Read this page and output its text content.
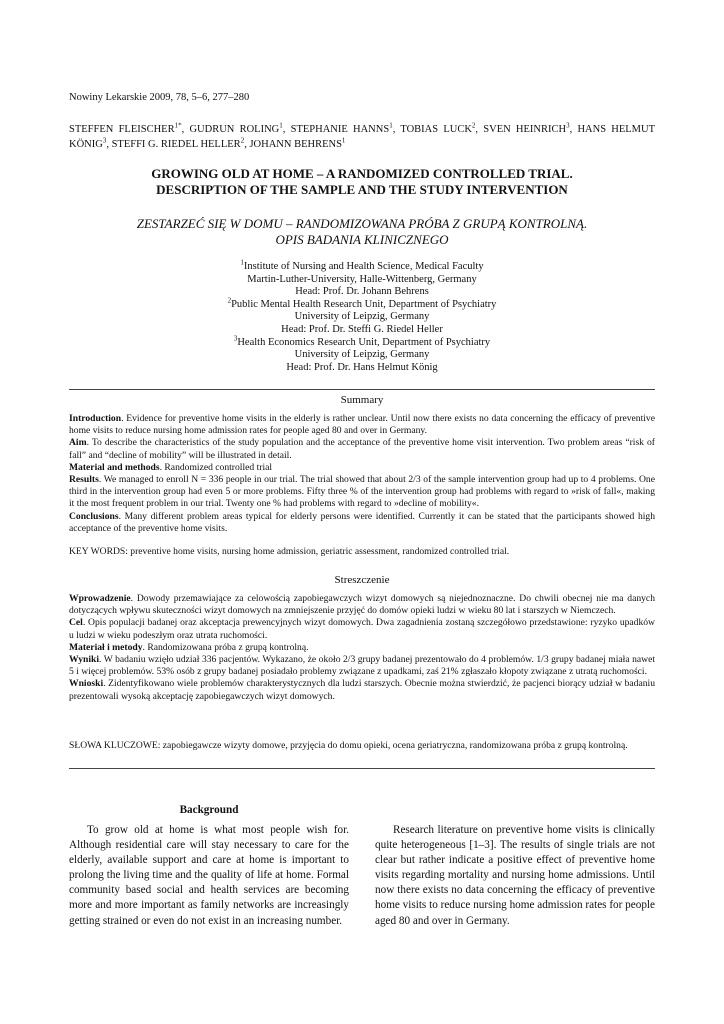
Nowiny Lekarskie 2009, 78, 5–6, 277–280
STEFFEN $FLEISCHER^{1*}$, GUDRUN ROLING$^1$, STEPHANIE HANNS$^1$, TOBIAS LUCK$^2$, SVEN HEINRICH$^3$, HANS HELMUT KÖNIG$^3$, STEFFI G. RIEDEL HELLER$^2$, JOHANN BEHRENS$^1$
GROWING OLD AT HOME – A RANDOMIZED CONTROLLED TRIAL.
DESCRIPTION OF THE SAMPLE AND THE STUDY INTERVENTION
ZESTARZEĆ SIĘ W DOMU – RANDOMIZOWANA PRÓBA Z GRUPĄ KONTROLNĄ.
OPIS BADANIA KLINICZNEGO
$^1$Institute of Nursing and Health Science, Medical Faculty
Martin-Luther-University, Halle-Wittenberg, Germany
Head: Prof. Dr. Johann Behrens
$^2$Public Mental Health Research Unit, Department of Psychiatry
University of Leipzig, Germany
Head: Prof. Dr. Steffi G. Riedel Heller
$^3$Health Economics Research Unit, Department of Psychiatry
University of Leipzig, Germany
Head: Prof. Dr. Hans Helmut König
Summary

Introduction. Evidence for preventive home visits in the elderly is rather unclear. Until now there exists no data concerning the efficacy of preventive home visits to reduce nursing home admission rates for people aged 80 and over in Germany.

Aim. To describe the characteristics of the study population and the acceptance of the preventive home visit intervention. Two problem areas “risk of fall” and “decline of mobility” will be illustrated in detail.

Material and methods. Randomized controlled trial

Results. We managed to enroll N = 336 people in our trial. The trial showed that about 2/3 of the sample intervention group had up to 4 problems. One third in the intervention group had even 5 or more problems. Fifty three % of the intervention group had problems with regard to »risk of fall«, making it the most frequent problem in our trial. Twenty one % had problems with regard to »decline of mobility«.

Conclusions. Many different problem areas typical for elderly persons were identified. Currently it can be stated that the participants showed high acceptance of the preventive home visits.

KEY WORDS: preventive home visits, nursing home admission, geriatric assessment, randomized controlled trial.
Streszczenie

Wprowadzenie. Dowody przemawiające za celowością zapobiegawczych wizyt domowych są niejednoznaczne. Do chwili obecnej nie ma danych dotyczących wpływu skuteczności wizyt domowych na zmniejszenie przyjęć do domów opieki ludzi w wieku 80 lat i starszych w Niemczech.

Cel. Opis populacji badanej oraz akceptacja prewencyjnych wizyt domowych. Dwa zagadnienia zostaną szczegółowo przedstawione: ryzyko upadków u ludzi w wieku podeszłym oraz utrata ruchomości.

Materiał i metody. Randomizowana próba z grupą kontrolną.

Wyniki. W badaniu wzięło udział 336 pacjentów. Wykazano, że około 2/3 grupy badanej prezentowało do 4 problemów. 1/3 grupy badanej miała nawet 5 i więcej problemów. 53% osób z grupy badanej posiadało problemy związane z upadkami, zaś 21% zgłaszało kłopoty związane z utratą ruchomości.

Wnioski. Zidentyfikowano wiele problemów charakterystycznych dla ludzi starszych. Obecnie można stwierdzić, że pacjenci biorący udział w badaniu prezentowali wysoką akceptację zapobiegawczych wizyt domowych.

SŁOWA KLUCZOWE: zapobiegawcze wizyty domowe, przyjęcia do domu opieki, ocena geriatryczna, randomizowana próba z grupą kontrolną.
Background

To grow old at home is what most people wish for. Although residential care will stay necessary to care for the elderly, available support and care at home is important to prolong the living time and the quality of life at home. Formal community based social and health services are becoming more and more important as family networks are increasingly getting strained or even do not exist in an increasing number.

Research literature on preventive home visits is clinically quite heterogeneous [1–3]. The results of single trials are not clear but rather indicate a positive effect of preventive home visits regarding mortality and nursing home admissions. Until now there exists no data concerning the efficacy of preventive home visits to reduce nursing home admission rates for people aged 80 and over in Germany.
